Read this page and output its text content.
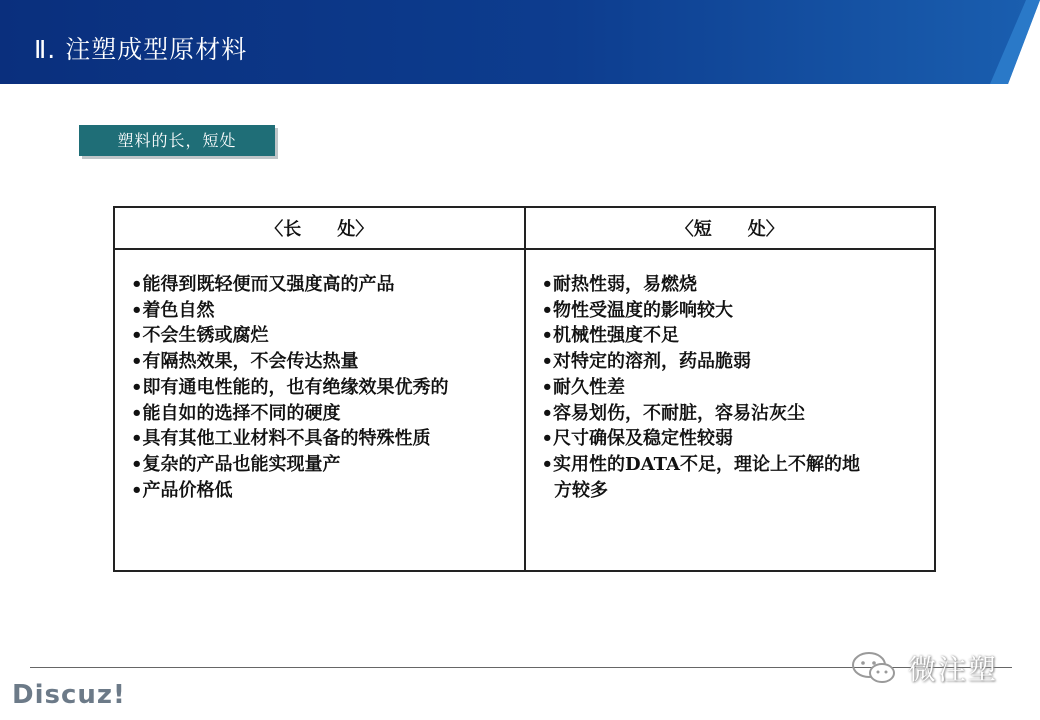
Ⅱ. 注塑成型原材料
塑料的长，短处
〈长　　处〉
•能得到既轻便而又强度高的产品
•着色自然
•不会生锈或腐烂
•有隔热效果，不会传达热量
•即有通电性能的，也有绝缘效果优秀的
•能自如的选择不同的硬度
•具有其他工业材料不具备的特殊性质
•复杂的产品也能实现量产
•产品价格低
〈短　　处〉
•耐热性弱，易燃烧
•物性受温度的影响较大
•机械性强度不足
•对特定的溶剂，药品脆弱
•耐久性差
•容易划伤，不耐脏，容易沾灰尘
•尺寸确保及稳定性较弱
•实用性的DATA不足，理论上不解的地
方较多
Discuz!
微注塑
